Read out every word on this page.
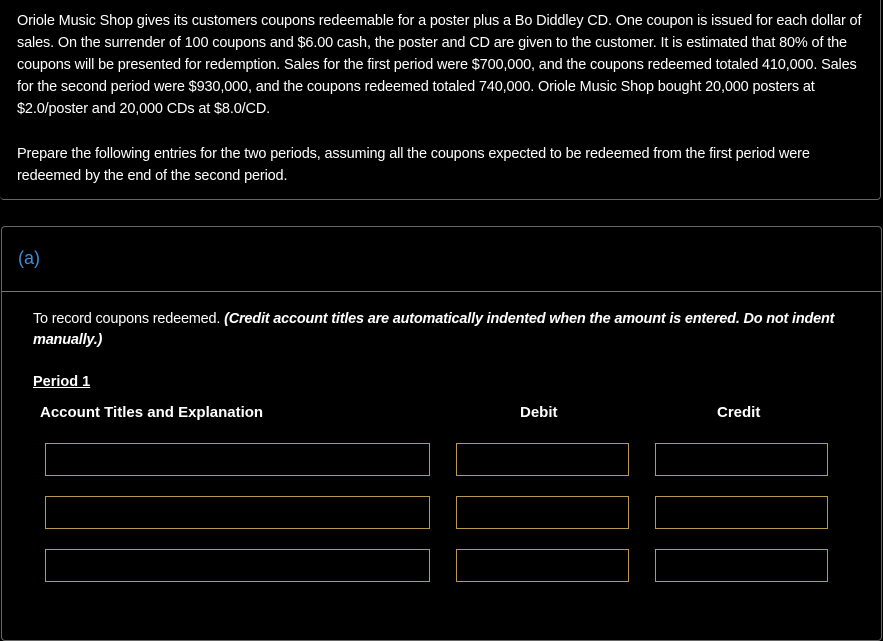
Oriole Music Shop gives its customers coupons redeemable for a poster plus a Bo Diddley CD. One coupon is issued for each dollar of sales. On the surrender of 100 coupons and $6.00 cash, the poster and CD are given to the customer. It is estimated that 80% of the coupons will be presented for redemption. Sales for the first period were $700,000, and the coupons redeemed totaled 410,000. Sales for the second period were $930,000, and the coupons redeemed totaled 740,000. Oriole Music Shop bought 20,000 posters at $2.0/poster and 20,000 CDs at $8.0/CD.

Prepare the following entries for the two periods, assuming all the coupons expected to be redeemed from the first period were redeemed by the end of the second period.

(a)

To record coupons redeemed. (Credit account titles are automatically indented when the amount is entered. Do not indent manually.)

Period 1
Account Titles and Explanation	Debit	Credit
